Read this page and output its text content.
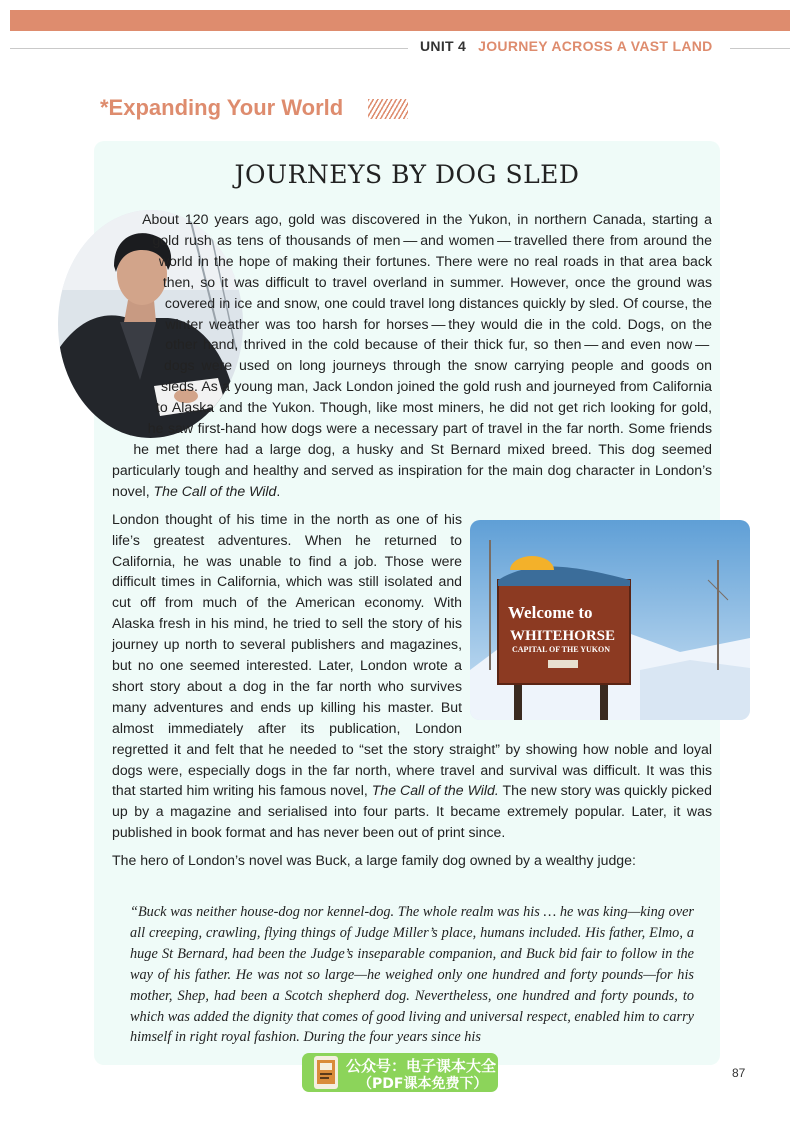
UNIT 4 JOURNEY ACROSS A VAST LAND
*Expanding Your World
JOURNEYS BY DOG SLED
Welcome to
WHITEHORSE
CAPITAL OF THE YUKON

About 120 years ago, gold was discovered in the Yukon, in northern Canada, starting a gold rush as tens of thousands of men — and women — travelled there from around the world in the hope of making their fortunes. There were no real roads in that area back then, so it was difficult to travel overland in summer. However, once the ground was covered in ice and snow, one could travel long distances quickly by sled. Of course, the winter weather was too harsh for horses — they would die in the cold. Dogs, on the other hand, thrived in the cold because of their thick fur, so then — and even now — dogs were used on long journeys through the snow carrying people and goods on sleds. As a young man, Jack London joined the gold rush and journeyed from California to Alaska and the Yukon. Though, like most miners, he did not get rich looking for gold, he saw first-hand how dogs were a necessary part of travel in the far north. Some friends he met there had a large dog, a husky and St Bernard mixed breed. This dog seemed particularly tough and healthy and served as inspiration for the main dog character in London’s novel, The Call of the Wild.

London thought of his time in the north as one of his life’s greatest adventures. When he returned to California, he was unable to find a job. Those were difficult times in California, which was still isolated and cut off from much of the American economy. With Alaska fresh in his mind, he tried to sell the story of his journey up north to several publishers and magazines, but no one seemed interested. Later, London wrote a short story about a dog in the far north who survives many adventures and ends up killing his master. But almost immediately after its publication, London regretted it and felt that he needed to “set the story straight” by showing how noble and loyal dogs were, especially dogs in the far north, where travel and survival was difficult. It was this that started him writing his famous novel, The Call of the Wild. The new story was quickly picked up by a magazine and serialised into four parts. It became extremely popular. Later, it was published in book format and has never been out of print since.

The hero of London’s novel was Buck, a large family dog owned by a wealthy judge:

“Buck was neither house-dog nor kennel-dog. The whole realm was his … he was king—king over all creeping, crawling, flying things of Judge Miller’s place, humans included. His father, Elmo, a huge St Bernard, had been the Judge’s inseparable companion, and Buck bid fair to follow in the way of his father. He was not so large—he weighed only one hundred and forty pounds—for his mother, Shep, had been a Scotch shepherd dog. Nevertheless, one hundred and forty pounds, to which was added the dignity that comes of good living and universal respect, enabled him to carry himself in right royal fashion. During the four years since his
公众号：电子课本大全
（PDF课本免费下）
87
